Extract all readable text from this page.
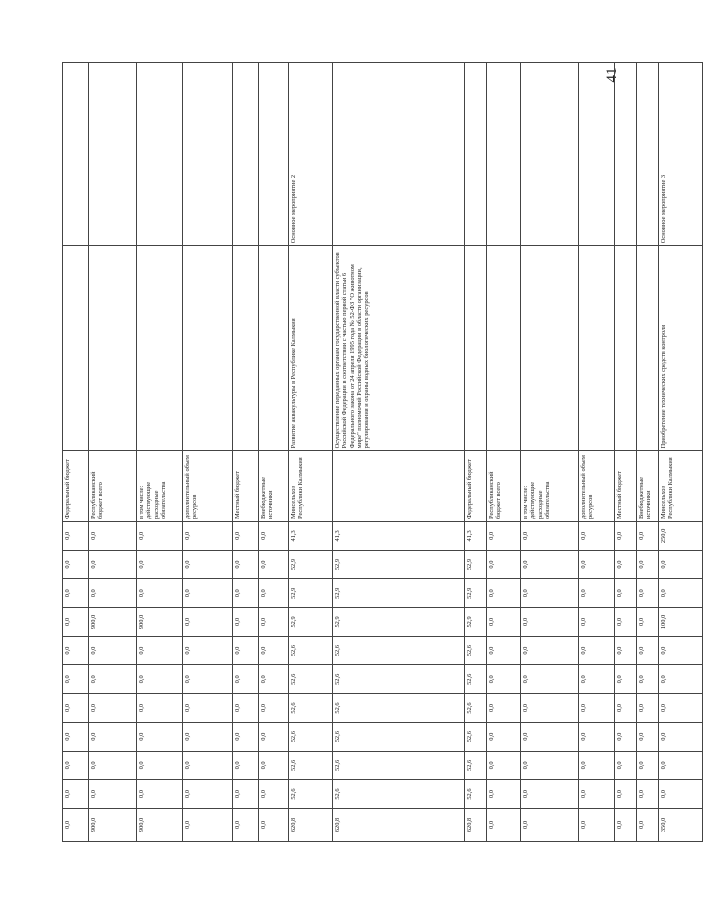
41
0,0	0,0	0,0	0,0	0,0	0,0	0,0	0,0	0,0	0,0	0,0	Федеральный бюджет		
900,0	0,0	0,0	0,0	0,0	0,0	0,0	900,0	0,0	0,0	0,0	Республиканский бюджет всего		
900,0	0,0	0,0	0,0	0,0	0,0	0,0	900,0	0,0	0,0	0,0	в том числе: действующие расходные обязательства		
0,0	0,0	0,0	0,0	0,0	0,0	0,0	0,0	0,0	0,0	0,0	дополнительный объем ресурсов		
0,0	0,0	0,0	0,0	0,0	0,0	0,0	0,0	0,0	0,0	0,0	Местный бюджет		
0,0	0,0	0,0	0,0	0,0	0,0	0,0	0,0	0,0	0,0	0,0	Внебюджетные источники		
620,8	52,6	52,6	52,6	52,6	52,6	52,6	52,9	52,9	52,9	41,3	Минсельхоз Республики Калмыкия	Развитие аквакультуры в Республике Калмыкия	Основное мероприятие 2
620,8	52,6	52,6	52,6	52,6	52,6	52,6	52,9	52,9	52,9	41,3		Осуществление переданных органам государственной власти субъектов Российской Федерации в соответствии с частью первой статьи 6 Федерального закона от 24 апреля 1995 года № 52-ФЗ "О животном мире" полномочий Российской Федерации в области организации, регулирования и охраны водных биологических ресурсов	
620,8	52,6	52,6	52,6	52,6	52,6	52,6	52,9	52,9	52,9	41,3	Федеральный бюджет		
0,0	0,0	0,0	0,0	0,0	0,0	0,0	0,0	0,0	0,0	0,0	Республиканский бюджет всего		
0,0	0,0	0,0	0,0	0,0	0,0	0,0	0,0	0,0	0,0	0,0	в том числе: действующие расходные обязательства		
0,0	0,0	0,0	0,0	0,0	0,0	0,0	0,0	0,0	0,0	0,0	дополнительный объем ресурсов		
0,0	0,0	0,0	0,0	0,0	0,0	0,0	0,0	0,0	0,0	0,0	Местный бюджет		
0,0	0,0	0,0	0,0	0,0	0,0	0,0	0,0	0,0	0,0	0,0	Внебюджетные источники		
350,0	0,0	0,0	0,0	0,0	0,0	0,0	100,0	0,0	0,0	250,0	Минсельхоз Республики Калмыкия	Приобретение технических средств контроля	Основное мероприятие 3
